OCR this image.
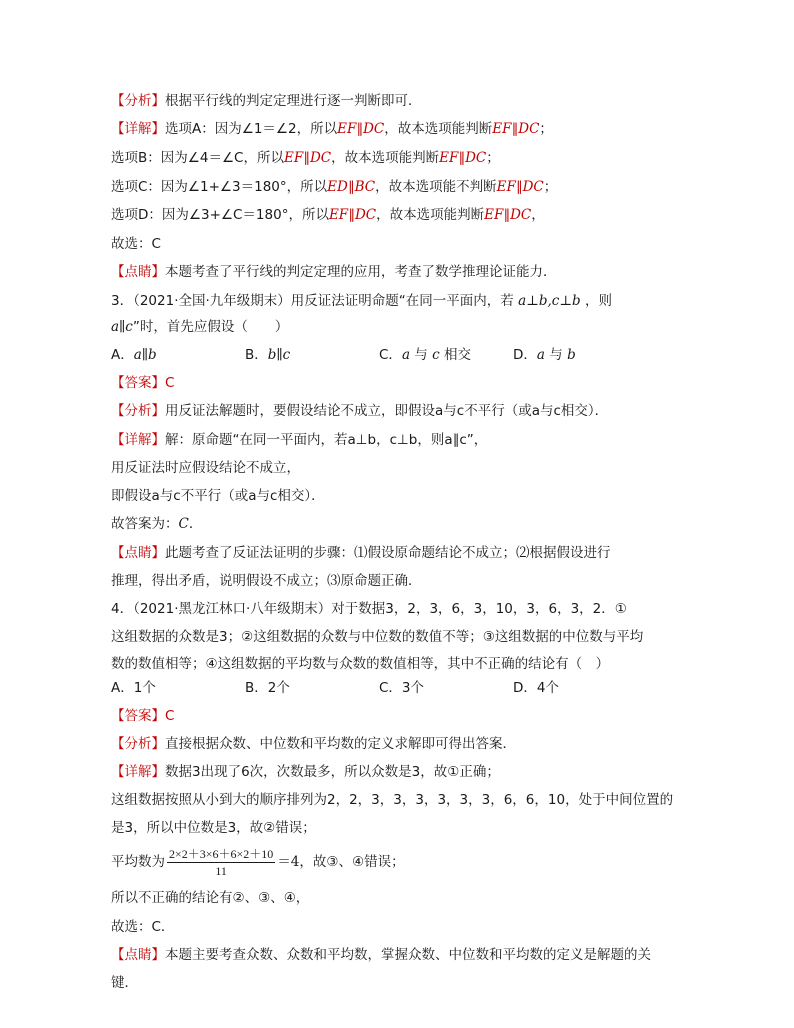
【分析】根据平行线的判定定理进行逐一判断即可．
【详解】选项A：因为∠1＝∠2，所以EF∥DC，故本选项能判断EF∥DC；
选项B：因为∠4＝∠C，所以EF∥DC，故本选项能判断EF∥DC；
选项C：因为∠1+∠3＝180°，所以ED∥BC，故本选项能不判断EF∥DC；
选项D：因为∠3+∠C＝180°，所以EF∥DC，故本选项能判断EF∥DC，
故选：C
【点睛】本题考查了平行线的判定定理的应用，考查了数学推理论证能力．
3．（2021·全国·九年级期末）用反证法证明命题“在同一平面内，若 a⊥b,c⊥b ，则
a∥c”时，首先应假设（　　）
A．a∥b	B．b∥c	C．a 与 c 相交	D．a 与 b
【答案】C
【分析】用反证法解题时，要假设结论不成立，即假设a与c不平行（或a与c相交）．
【详解】解：原命题“在同一平面内，若a⊥b，c⊥b，则a∥c”，
用反证法时应假设结论不成立，
即假设a与c不平行（或a与c相交）．
故答案为：C．
【点睛】此题考查了反证法证明的步骤：⑴假设原命题结论不成立；⑵根据假设进行
推理，得出矛盾，说明假设不成立；⑶原命题正确．
4．（2021·黑龙江林口·八年级期末）对于数据3，2，3，6，3，10，3，6，3，2．①
这组数据的众数是3；②这组数据的众数与中位数的数值不等；③这组数据的中位数与平均
数的数值相等；④这组数据的平均数与众数的数值相等，其中不正确的结论有（　）
A．1个	B．2个	C．3个	D．4个
【答案】C
【分析】直接根据众数、中位数和平均数的定义求解即可得出答案．
【详解】数据3出现了6次，次数最多，所以众数是3，故①正确；
这组数据按照从小到大的顺序排列为2，2，3，3，3，3，3，3，6，6，10，处于中间位置的
是3，所以中位数是3，故②错误；
平均数为 $\frac{2\times 2+3\times 6+6\times 2+10}{11} =4$，故③、④错误；
所以不正确的结论有②、③、④，
故选：C．
【点睛】本题主要考查众数、众数和平均数，掌握众数、中位数和平均数的定义是解题的关
键．
